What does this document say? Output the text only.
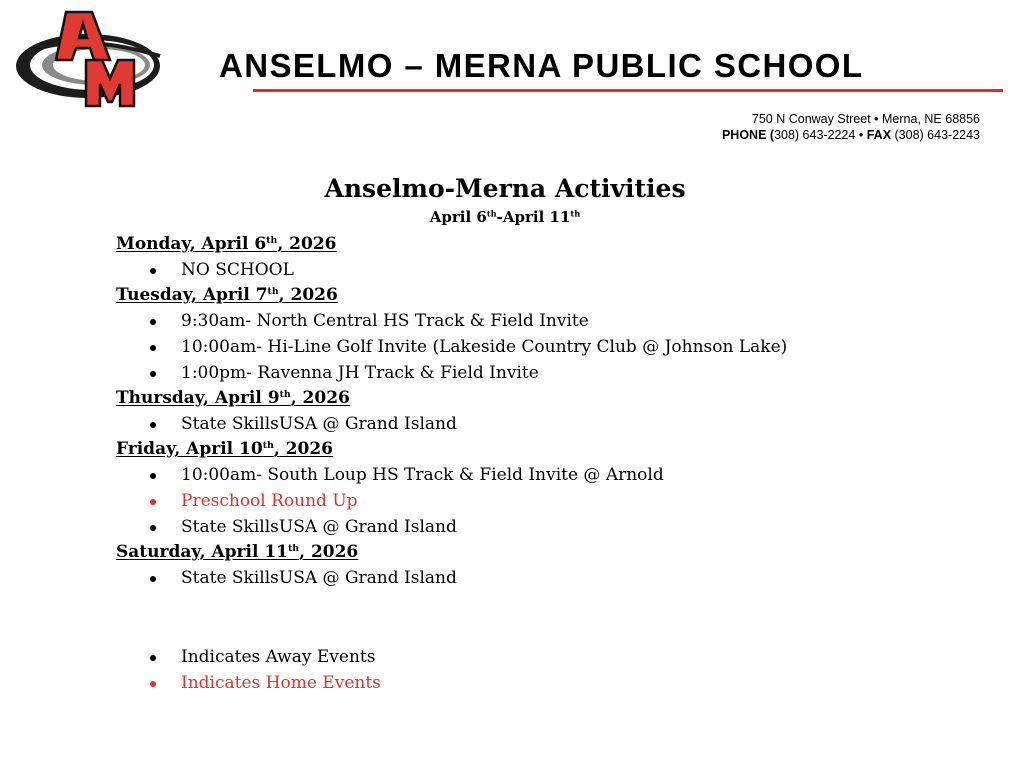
ANSELMO – MERNA PUBLIC SCHOOL
750 N Conway Street • Merna, NE 68856
PHONE (308) 643-2224 • FAX (308) 643-2243
Anselmo-Merna Activities
April 6th-April 11th
Monday, April 6th, 2026
NO SCHOOL
Tuesday, April 7th, 2026
9:30am- North Central HS Track & Field Invite
10:00am- Hi-Line Golf Invite (Lakeside Country Club @ Johnson Lake)
1:00pm- Ravenna JH Track & Field Invite
Thursday, April 9th, 2026
State SkillsUSA @ Grand Island
Friday, April 10th, 2026
10:00am- South Loup HS Track & Field Invite @ Arnold
Preschool Round Up
State SkillsUSA @ Grand Island
Saturday, April 11th, 2026
State SkillsUSA @ Grand Island
Indicates Away Events
Indicates Home Events
